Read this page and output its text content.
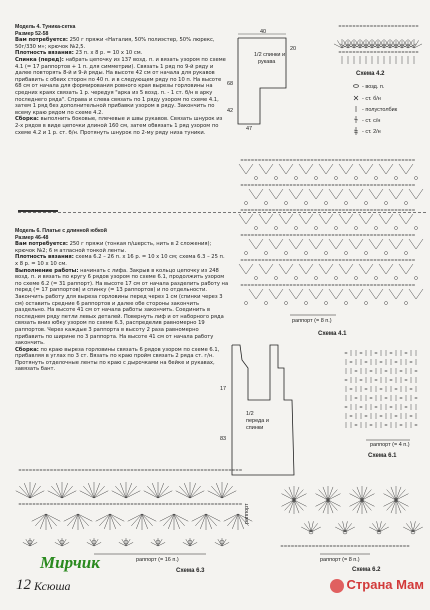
Модель 4. Туника-сетка

Размер 52-58

Вам потребуется: 250 г пряжи «Наталия, 50% полиэстер, 50% люрекс, 50г/330 м»; крючок №2,5.

Плотность вязания: 23 п. х 8 р. = 10 х 10 см.

Спинка (перед): набрать цепочку из 137 возд. п. и вязать узором по схеме 4.1 (= 17 раппортов + 1 п. для симметрии). Связать 1 ряд по 9-й ряду и далее повторять 8-й и 9-й ряды. На высоте 42 см от начала для рукавов прибавить с обеих сторон по 40 п. и в следующем ряду по 10 п. На высоте 68 см от начала для формирования ровного края вырезы горловины на средних краях связать 1 р. чередуя "арка из 5 возд. п. - 1 ст. б/н в арку последнего ряда". Справа и слева связать по 1 ряду узором по схеме 4.1, затем 1 ряд без дополнительной прибавки узором в ряду. Закончить по всему краю рядом по схеме 4.2.

Сборка: выполнить боковые, плечевые и швы рукавов. Связать шнурок из 2-х рядов в виде цепочки длиной 160 см, затем обвязать 1 ряд узором по схеме 4.2 и 1 р. ст. б/н. Протянуть шнурок по 2-му ряду низа туники.

Модель 6. Платье с длинной юбкой

Размер 46-48

Вам потребуется: 250 г пряжи (тонкая п/шерсть, нить в 2 сложения); крючок №2; 6 м атласной тонкой ленты.

Плотность вязания: схема 6.2 – 26 п. х 16 р. = 10 х 10 см; схема 6.3 – 25 п. х 8 р. = 10 х 10 см.

Выполнение работы: начинать с лифа. Закрыв в кольцо цепочку из 248 возд. п. и вязать по кругу 6 рядов узором по схеме 6.1, продолжить узором по схеме 6.2 (= 31 раппорт). На высоте 17 см от начала разделить работу на перед (= 17 раппортов) и спинку (= 13 раппортов) и по отдельности. Закончить работу для выреза горловины перед через 1 см (спинки через 3 см) оставить средние 6 раппортов и далее обе стороны закончить раздельно. На высоте 41 см от начала работы закончить. Соединить в последнем ряду петли левых деталей. Повернуть лиф и от наборного ряда связать вниз юбку узором по схеме 6.3, распределив равномерно 19 раппортов. Через каждые 3 раппорта в высоту 2 раза равномерно прибавить по ширине по 3 раппорта. На высоте 41 см от начала работу закончить.

Сборка: по краю выреза горловины связать 6 рядов узором по схеме 6.1, прибавляя в углах по 3 ст. Вязать по краю пройм связать 2 ряда ст. г/н. Протянуть отделочные ленты по краю с дырочками на бейке и рукавах, завязать бант.

40
68
42
20
47
1/2 спинки и
рукава
Схема 4.2
- возд. п.
- ст. б/н
- полустолбик
- ст. с/н
- ст. 2/н
раппорт (= 8 п.)
Схема 4.1
17
83
1/2
переда и
спинки
раппорт (= 4 п.)
Схема 6.1
раппорт (= 16 п.)
Схема 6.3
раппорт
раппорт (= 8 п.)
Схема 6.2
Мирчик
12 Ксюша	Страна Мам
